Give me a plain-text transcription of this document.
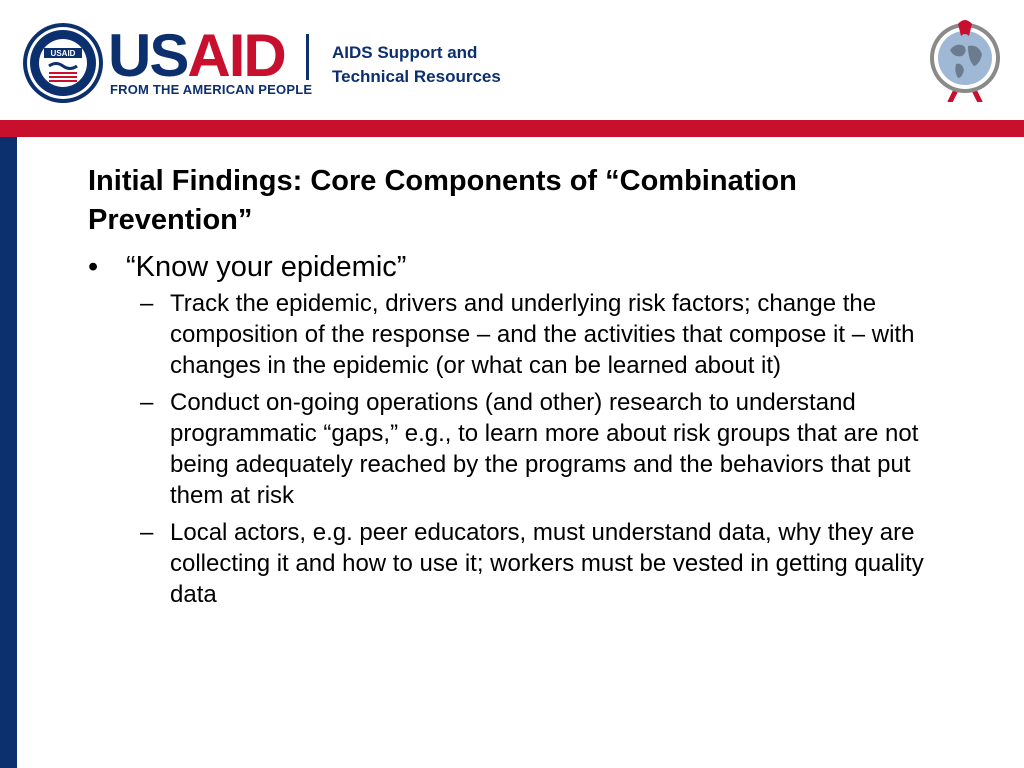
USAID USAID
FROM THE AMERICAN PEOPLE
AIDS Support and
Technical Resources
Initial Findings: Core Components of “Combination Prevention”
• “Know your epidemic”
– Track the epidemic, drivers and underlying risk factors; change the composition of the response – and the activities that compose it – with changes in the epidemic (or what can be learned about it)
– Conduct on-going operations (and other) research to understand programmatic “gaps,” e.g., to learn more about risk groups that are not being adequately reached by the programs and the behaviors that put them at risk
– Local actors, e.g. peer educators, must understand data, why they are collecting it and how to use it; workers must be vested in getting quality data
